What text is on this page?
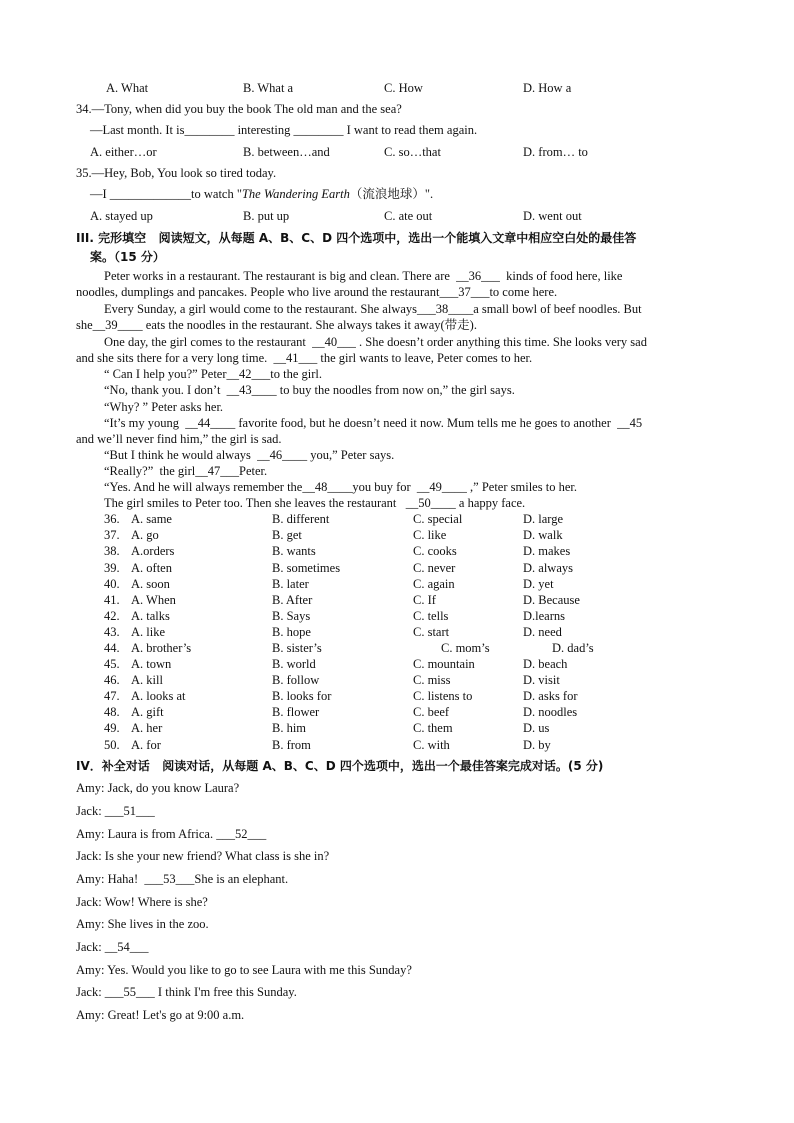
A. What	B. What a	C. How	D. How a
34.—Tony, when did you buy the book The old man and the sea?
—Last month. It is________ interesting ________ I want to read them again.
A. either…or	B. between…and	C. so…that	D. from… to
35.—Hey, Bob, You look so tired today.
—I _____________to watch "The Wandering Earth（流浪地球）".
A. stayed up	B. put up	C. ate out	D. went out
III. 完形填空   阅读短文，从每题 A、B、C、D 四个选项中，选出一个能填入文章中相应空白处的最佳答
案。（15 分）
Peter works in a restaurant. The restaurant is big and clean. There are  __36___  kinds of food here, like
noodles, dumplings and pancakes. People who live around the restaurant___37___to come here.
Every Sunday, a girl would come to the restaurant. She always___38____a small bowl of beef noodles. But
she__39____ eats the noodles in the restaurant. She always takes it away(带走).
One day, the girl comes to the restaurant  __40___ . She doesn’t order anything this time. She looks very sad
and she sits there for a very long time.  __41___ the girl wants to leave, Peter comes to her.
“ Can I help you?” Peter__42___to the girl.
“No, thank you. I don’t  __43____ to buy the noodles from now on,” the girl says.
“Why? ” Peter asks her.
“It’s my young  __44____ favorite food, but he doesn’t need it now. Mum tells me he goes to another  __45
and we’ll never find him,” the girl is sad.
“But I think he would always  __46____ you,” Peter says.
“Really?”  the girl__47___Peter.
“Yes. And he will always remember the__48____you buy for  __49____ ,” Peter smiles to her.
The girl smiles to Peter too. Then she leaves the restaurant   __50____ a happy face.
36. A. same	B. different	C. special	D. large
37. A. go	B. get	C. like	D. walk
38. A.orders	B. wants	C. cooks	D. makes
39. A. often	B. sometimes	C. never	D. always
40. A. soon	B. later	C. again	D. yet
41. A. When	B. After	C. If	D. Because
42. A. talks	B. Says	C. tells	D.learns
43. A. like	B. hope	C. start	D. need
44. A. brother’s	B. sister’s	C. mom’s	D. dad’s
45. A. town	B. world	C. mountain	D. beach
46. A. kill	B. follow	C. miss	D. visit
47. A. looks at	B. looks for	C. listens to	D. asks for
48. A. gift	B. flower	C. beef	D. noodles
49. A. her	B. him	C. them	D. us
50. A. for	B. from	C. with	D. by
IV．补全对话   阅读对话，从每题 A、B、C、D 四个选项中，选出一个最佳答案完成对话。(5 分)
Amy: Jack, do you know Laura?
Jack: ___51___
Amy: Laura is from Africa. ___52___
Jack: Is she your new friend? What class is she in?
Amy: Haha!  ___53___She is an elephant.
Jack: Wow! Where is she?
Amy: She lives in the zoo.
Jack: __54___
Amy: Yes. Would you like to go to see Laura with me this Sunday?
Jack: ___55___ I think I'm free this Sunday.
Amy: Great! Let's go at 9:00 a.m.
